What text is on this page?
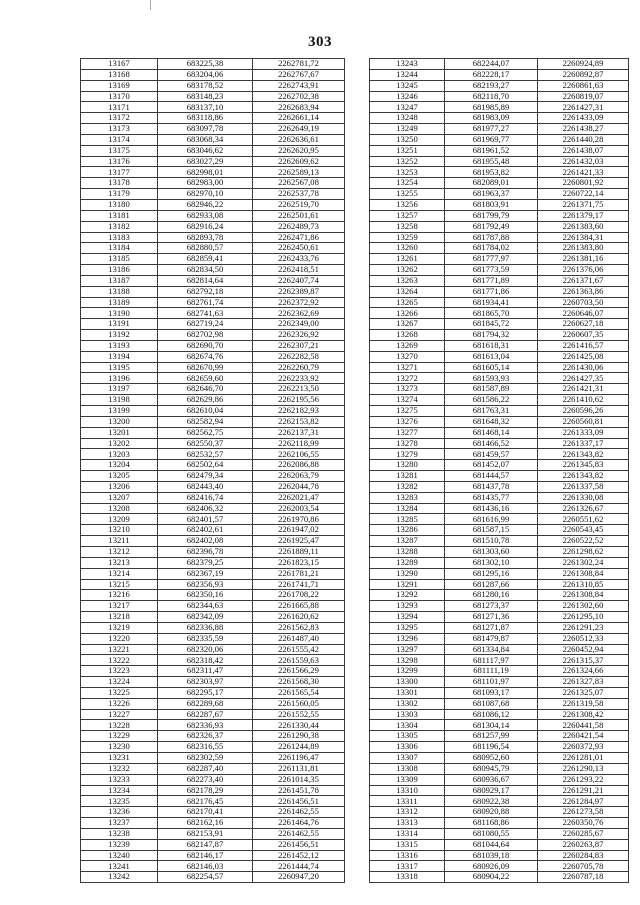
303
13167	683225,38	2262781,72
13168	683204,06	2262767,67
13169	683178,52	2262743,91
13170	683148,23	2262702,38
13171	683137,10	2262683,94
13172	683118,86	2262661,14
13173	683097,78	2262649,19
13174	683068,34	2262636,61
13175	683046,62	2262620,95
13176	683027,29	2262609,62
13177	682998,01	2262589,13
13178	682983,00	2262567,08
13179	682970,10	2262537,78
13180	682946,22	2262519,70
13181	682933,08	2262501,61
13182	682916,24	2262489,73
13183	682893,78	2262471,86
13184	682880,57	2262450,61
13185	682859,41	2262433,76
13186	682834,50	2262418,51
13187	682814,64	2262407,74
13188	682792,18	2262389,87
13189	682761,74	2262372,92
13190	682741,63	2262362,69
13191	682719,24	2262349,00
13192	682702,98	2262326,92
13193	682690,70	2262307,21
13194	682674,76	2262282,58
13195	682670,99	2262260,79
13196	682659,60	2262233,92
13197	682646,70	2262213,50
13198	682629,86	2262195,56
13199	682610,04	2262182,93
13200	682582,94	2262153,82
13201	682562,75	2262137,31
13202	682550,37	2262118,99
13203	682532,57	2262106,55
13204	682502,64	2262086,88
13205	682479,34	2262063,79
13206	682443,40	2262044,78
13207	682416,74	2262021,47
13208	682406,32	2262003,54
13209	682401,57	2261970,86
13210	682402,61	2261947,02
13211	682402,08	2261925,47
13212	682396,78	2261889,11
13213	682379,25	2261823,15
13214	682367,19	2261781,21
13215	682356,93	2261741,71
13216	682350,16	2261708,22
13217	682344,63	2261665,88
13218	682342,09	2261620,62
13219	682336,88	2261562,83
13220	682335,59	2261487,40
13221	682320,06	2261555,42
13222	682318,42	2261559,63
13223	682311,47	2261566,29
13224	682303,97	2261568,30
13225	682295,17	2261565,54
13226	682289,68	2261560,05
13227	682287,67	2261552,55
13228	682336,93	2261330,44
13229	682326,37	2261290,38
13230	682316,55	2261244,89
13231	682302,59	2261196,47
13232	682287,40	2261131,81
13233	682273,40	2261014,35
13234	682178,29	2261451,78
13235	682176,45	2261456,51
13236	682170,41	2261462,55
13237	682162,16	2261464,76
13238	682153,91	2261462,55
13239	682147,87	2261456,51
13240	682146,17	2261452,12
13241	682146,03	2261444,74
13242	682254,57	2260947,20
13243	682244,07	2260924,89
13244	682228,17	2260892,87
13245	682193,27	2260861,63
13246	682118,70	2260819,07
13247	681985,89	2261427,31
13248	681983,09	2261433,09
13249	681977,27	2261438,27
13250	681969,77	2261440,28
13251	681961,52	2261438,07
13252	681955,48	2261432,03
13253	681953,82	2261421,33
13254	682089,01	2260801,92
13255	681963,37	2260722,14
13256	681803,91	2261371,75
13257	681799,79	2261379,17
13258	681792,49	2261383,60
13259	681787,88	2261384,31
13260	681784,02	2261383,80
13261	681777,97	2261381,16
13262	681773,59	2261376,06
13263	681771,89	2261371,67
13264	681771,86	2261363,86
13265	681934,41	2260703,50
13266	681865,70	2260646,07
13267	681845,72	2260627,18
13268	681794,32	2260607,35
13269	681618,31	2261416,57
13270	681613,04	2261425,08
13271	681605,14	2261430,06
13272	681593,93	2261427,35
13273	681587,89	2261421,31
13274	681586,22	2261410,62
13275	681763,31	2260596,26
13276	681648,32	2260560,81
13277	681468,14	2261333,09
13278	681466,52	2261337,17
13279	681459,57	2261343,82
13280	681452,07	2261345,83
13281	681444,57	2261343,82
13282	681437,78	2261337,58
13283	681435,77	2261330,08
13284	681436,16	2261326,67
13285	681616,99	2260551,62
13286	681587,15	2260543,45
13287	681510,78	2260522,52
13288	681303,60	2261298,62
13289	681302,10	2261302,24
13290	681295,16	2261308,84
13291	681287,66	2261310,85
13292	681280,16	2261308,84
13293	681273,37	2261302,60
13294	681271,36	2261295,10
13295	681271,87	2261291,23
13296	681479,87	2260512,33
13297	681334,84	2260452,94
13298	681117,97	2261315,37
13299	681111,19	2261324,66
13300	681101,97	2261327,83
13301	681093,17	2261325,07
13302	681087,68	2261319,58
13303	681086,12	2261308,42
13304	681304,14	2260441,58
13305	681257,99	2260421,54
13306	681196,54	2260372,93
13307	680952,60	2261281,01
13308	680945,79	2261290,13
13309	680936,67	2261293,22
13310	680929,17	2261291,21
13311	680922,38	2261284,97
13312	680920,88	2261273,58
13313	681168,86	2260350,76
13314	681080,55	2260285,67
13315	681044,64	2260263,87
13316	681039,18	2260284,83
13317	680926,09	2260705,78
13318	680904,22	2260787,18
